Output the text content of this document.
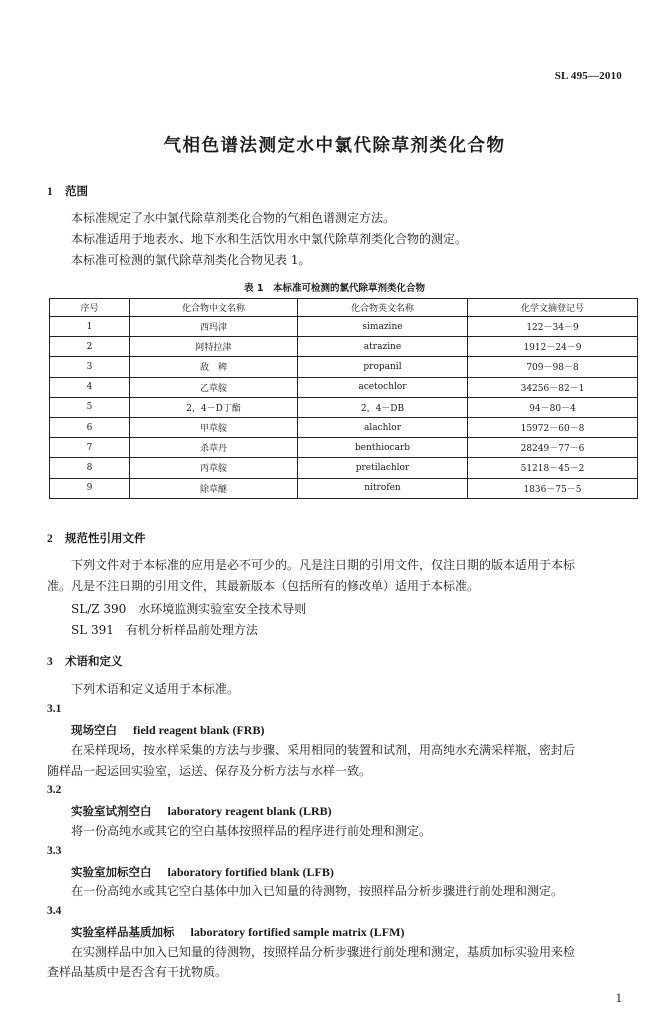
SL 495—2010
气相色谱法测定水中氯代除草剂类化合物
1 范围
本标准规定了水中氯代除草剂类化合物的气相色谱测定方法。
本标准适用于地表水、地下水和生活饮用水中氯代除草剂类化合物的测定。
本标准可检测的氯代除草剂类化合物见表 1。
表 1　本标准可检测的氯代除草剂类化合物
序号	化合物中文名称	化合物英文名称	化学文摘登记号
1	西玛津	simazine	122－34－9
2	阿特拉津	atrazine	1912－24－9
3	敌　稗	propanil	709－98－8
4	乙草胺	acetochlor	34256－82－1
5	2，4－D丁酯	2，4－DB	94－80－4
6	甲草胺	alachlor	15972－60－8
7	杀草丹	benthiocarb	28249－77－6
8	丙草胺	pretilachlor	51218－45－2
9	除草醚	nitrofen	1836－75－5
2 规范性引用文件
下列文件对于本标准的应用是必不可少的。凡是注日期的引用文件，仅注日期的版本适用于本标
准。凡是不注日期的引用文件，其最新版本（包括所有的修改单）适用于本标准。
SL/Z 390　水环境监测实验室安全技术导则
SL 391　有机分析样品前处理方法
3 术语和定义
下列术语和定义适用于本标准。
3.1
现场空白 field reagent blank (FRB)
在采样现场，按水样采集的方法与步骤、采用相同的装置和试剂，用高纯水充满采样瓶，密封后
随样品一起运回实验室，运送、保存及分析方法与水样一致。
3.2
实验室试剂空白 laboratory reagent blank (LRB)
将一份高纯水或其它的空白基体按照样品的程序进行前处理和测定。
3.3
实验室加标空白 laboratory fortified blank (LFB)
在一份高纯水或其它空白基体中加入已知量的待测物，按照样品分析步骤进行前处理和测定。
3.4
实验室样品基质加标 laboratory fortified sample matrix (LFM)
在实测样品中加入已知量的待测物，按照样品分析步骤进行前处理和测定，基质加标实验用来检
查样品基质中是否含有干扰物质。
1
